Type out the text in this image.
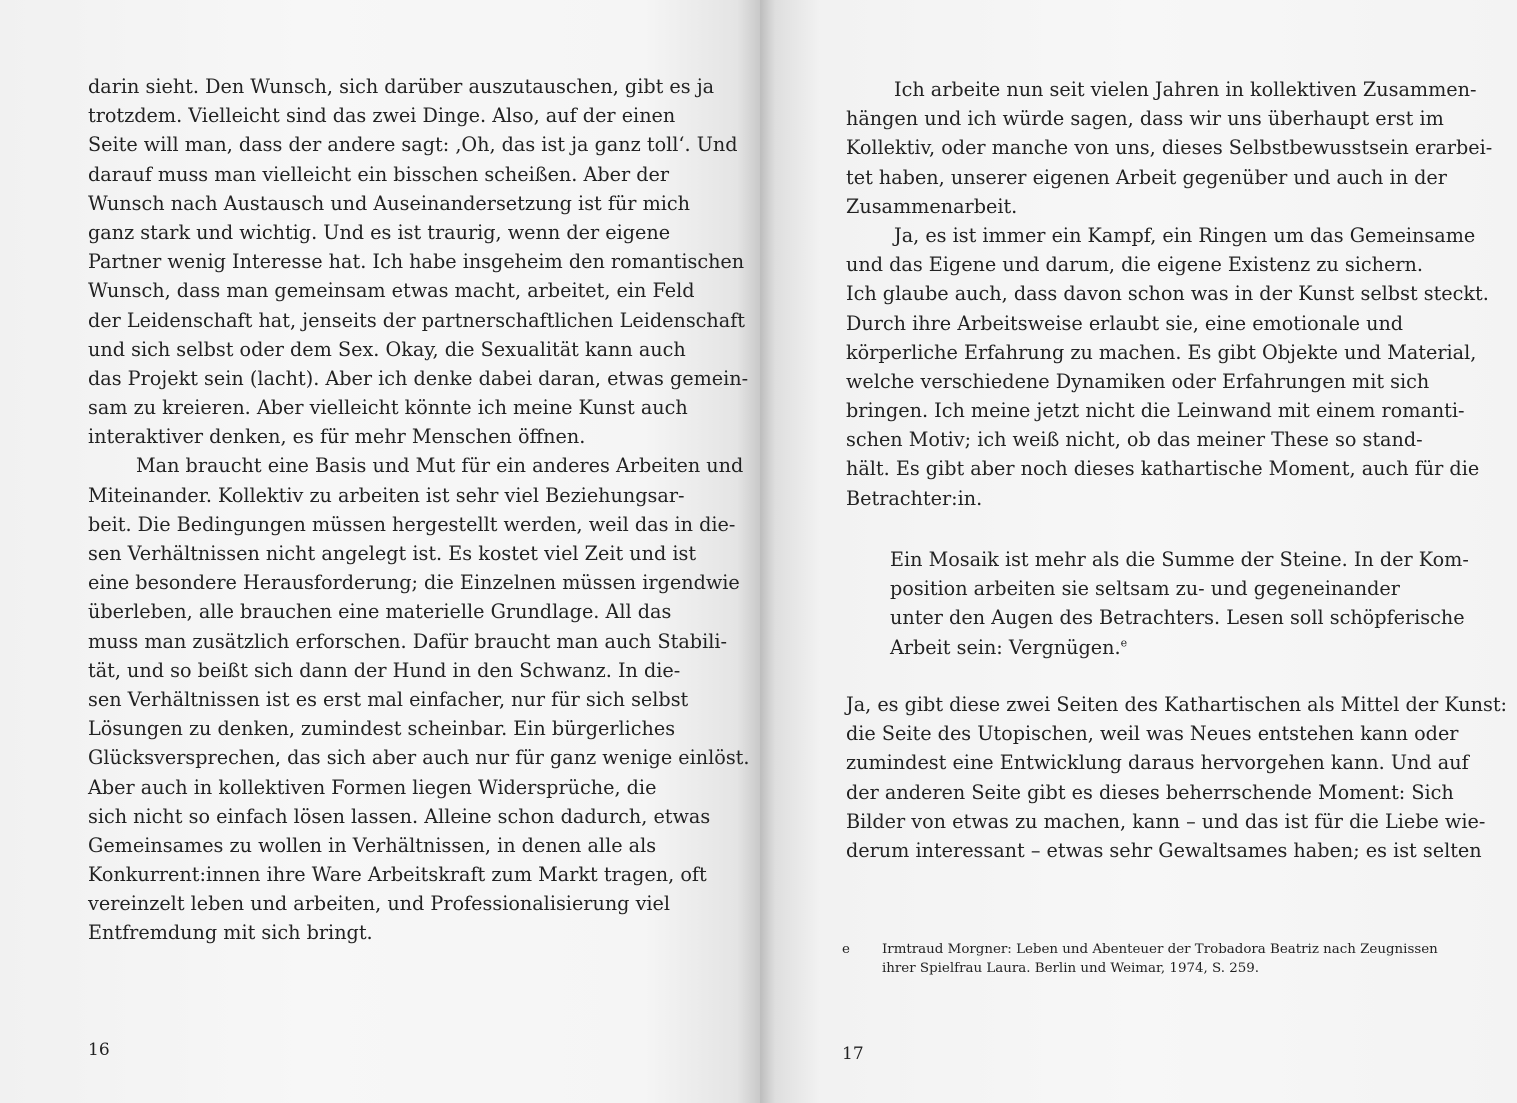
darin sieht. Den Wunsch, sich darüber auszutauschen, gibt es ja
trotzdem. Vielleicht sind das zwei Dinge. Also, auf der einen
Seite will man, dass der andere sagt: ‚Oh, das ist ja ganz toll‘. Und
darauf muss man vielleicht ein bisschen scheißen. Aber der
Wunsch nach Austausch und Auseinandersetzung ist für mich
ganz stark und wichtig. Und es ist traurig, wenn der eigene
Partner wenig Interesse hat. Ich habe insgeheim den romantischen
Wunsch, dass man gemeinsam etwas macht, arbeitet, ein Feld
der Leidenschaft hat, jenseits der partnerschaftlichen Leidenschaft
und sich selbst oder dem Sex. Okay, die Sexualität kann auch
das Projekt sein (lacht). Aber ich denke dabei daran, etwas gemein-
sam zu kreieren. Aber vielleicht könnte ich meine Kunst auch
interaktiver denken, es für mehr Menschen öffnen.
Man braucht eine Basis und Mut für ein anderes Arbeiten und
Miteinander. Kollektiv zu arbeiten ist sehr viel Beziehungsar-
beit. Die Bedingungen müssen hergestellt werden, weil das in die-
sen Verhältnissen nicht angelegt ist. Es kostet viel Zeit und ist
eine besondere Herausforderung; die Einzelnen müssen irgendwie
überleben, alle brauchen eine materielle Grundlage. All das
muss man zusätzlich erforschen. Dafür braucht man auch Stabili-
tät, und so beißt sich dann der Hund in den Schwanz. In die-
sen Verhältnissen ist es erst mal einfacher, nur für sich selbst
Lösungen zu denken, zumindest scheinbar. Ein bürgerliches
Glücksversprechen, das sich aber auch nur für ganz wenige einlöst.
Aber auch in kollektiven Formen liegen Widersprüche, die
sich nicht so einfach lösen lassen. Alleine schon dadurch, etwas
Gemeinsames zu wollen in Verhältnissen, in denen alle als
Konkurrent:innen ihre Ware Arbeitskraft zum Markt tragen, oft
vereinzelt leben und arbeiten, und Professionalisierung viel
Entfremdung mit sich bringt.
16	17
Ich arbeite nun seit vielen Jahren in kollektiven Zusammen-
hängen und ich würde sagen, dass wir uns überhaupt erst im
Kollektiv, oder manche von uns, dieses Selbstbewusstsein erarbei-
tet haben, unserer eigenen Arbeit gegenüber und auch in der
Zusammenarbeit.
Ja, es ist immer ein Kampf, ein Ringen um das Gemeinsame
und das Eigene und darum, die eigene Existenz zu sichern.
Ich glaube auch, dass davon schon was in der Kunst selbst steckt.
Durch ihre Arbeitsweise erlaubt sie, eine emotionale und
körperliche Erfahrung zu machen. Es gibt Objekte und Material,
welche verschiedene Dynamiken oder Erfahrungen mit sich
bringen. Ich meine jetzt nicht die Leinwand mit einem romanti-
schen Motiv; ich weiß nicht, ob das meiner These so stand-
hält. Es gibt aber noch dieses kathartische Moment, auch für die
Betrachter:in.
Ein Mosaik ist mehr als die Summe der Steine. In der Kom-
position arbeiten sie seltsam zu- und gegeneinander
unter den Augen des Betrachters. Lesen soll schöpferische
Arbeit sein: Vergnügen.$^e$
Ja, es gibt diese zwei Seiten des Kathartischen als Mittel der Kunst:
die Seite des Utopischen, weil was Neues entstehen kann oder
zumindest eine Entwicklung daraus hervorgehen kann. Und auf
der anderen Seite gibt es dieses beherrschende Moment: Sich
Bilder von etwas zu machen, kann – und das ist für die Liebe wie-
derum interessant – etwas sehr Gewaltsames haben; es ist selten
e Irmtraud Morgner: Leben und Abenteuer der Trobadora Beatriz nach Zeugnissen
ihrer Spielfrau Laura. Berlin und Weimar, 1974, S. 259.
